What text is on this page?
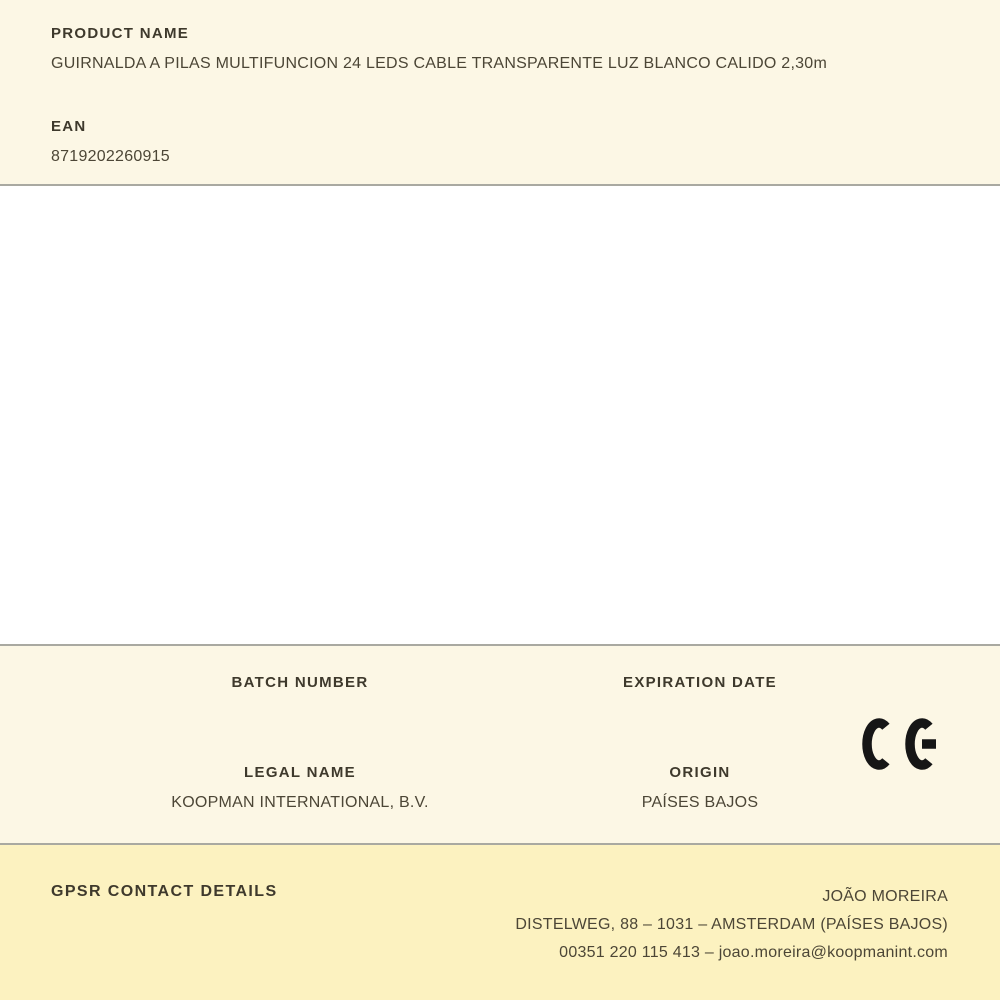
PRODUCT NAME
GUIRNALDA A PILAS MULTIFUNCION 24 LEDS CABLE TRANSPARENTE LUZ BLANCO CALIDO 2,30m
EAN
8719202260915
BATCH NUMBER
LEGAL NAME
KOOPMAN INTERNATIONAL, B.V.
EXPIRATION DATE
ORIGIN
PAÍSES BAJOS
GPSR CONTACT DETAILS	JOÃO MOREIRA
DISTELWEG, 88 – 1031 – AMSTERDAM (PAÍSES BAJOS)
00351 220 115 413 – joao.moreira@koopmanint.com
